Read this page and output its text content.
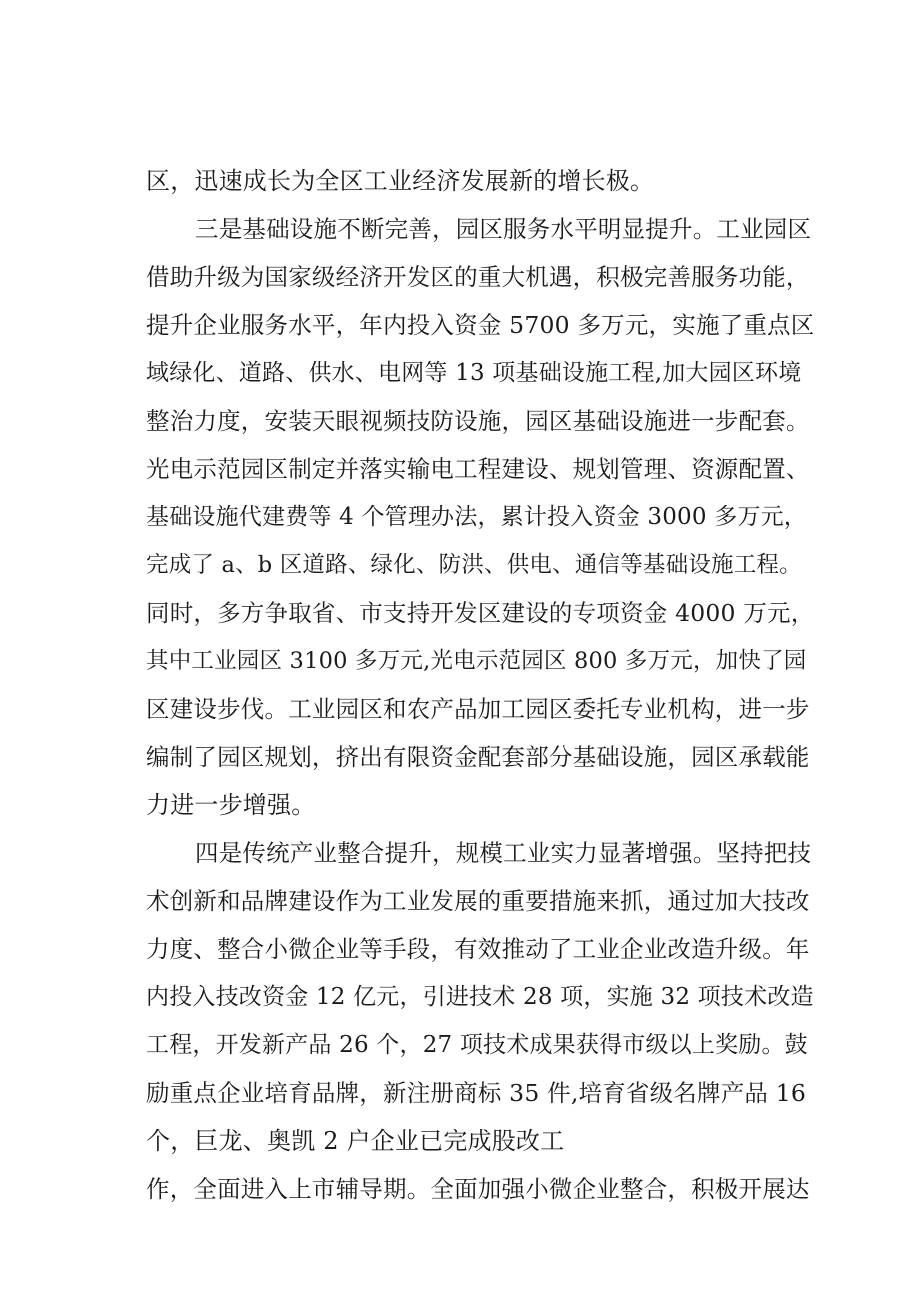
区，迅速成长为全区工业经济发展新的增长极。
三是基础设施不断完善，园区服务水平明显提升。工业园区
借助升级为国家级经济开发区的重大机遇，积极完善服务功能，
提升企业服务水平，年内投入资金 5700 多万元，实施了重点区
域绿化、道路、供水、电网等 13 项基础设施工程,加大园区环境
整治力度，安装天眼视频技防设施，园区基础设施进一步配套。
光电示范园区制定并落实输电工程建设、规划管理、资源配置、
基础设施代建费等 4 个管理办法，累计投入资金 3000 多万元，
完成了 a、b 区道路、绿化、防洪、供电、通信等基础设施工程。
同时，多方争取省、市支持开发区建设的专项资金 4000 万元，
其中工业园区 3100 多万元,光电示范园区 800 多万元，加快了园
区建设步伐。工业园区和农产品加工园区委托专业机构，进一步
编制了园区规划，挤出有限资金配套部分基础设施，园区承载能
力进一步增强。
四是传统产业整合提升，规模工业实力显著增强。坚持把技
术创新和品牌建设作为工业发展的重要措施来抓，通过加大技改
力度、整合小微企业等手段，有效推动了工业企业改造升级。年
内投入技改资金 12 亿元，引进技术 28 项，实施 32 项技术改造
工程，开发新产品 26 个，27 项技术成果获得市级以上奖励。鼓
励重点企业培育品牌，新注册商标 35 件,培育省级名牌产品 16
个，巨龙、奥凯 2 户企业已完成股改工
作，全面进入上市辅导期。全面加强小微企业整合，积极开展达
